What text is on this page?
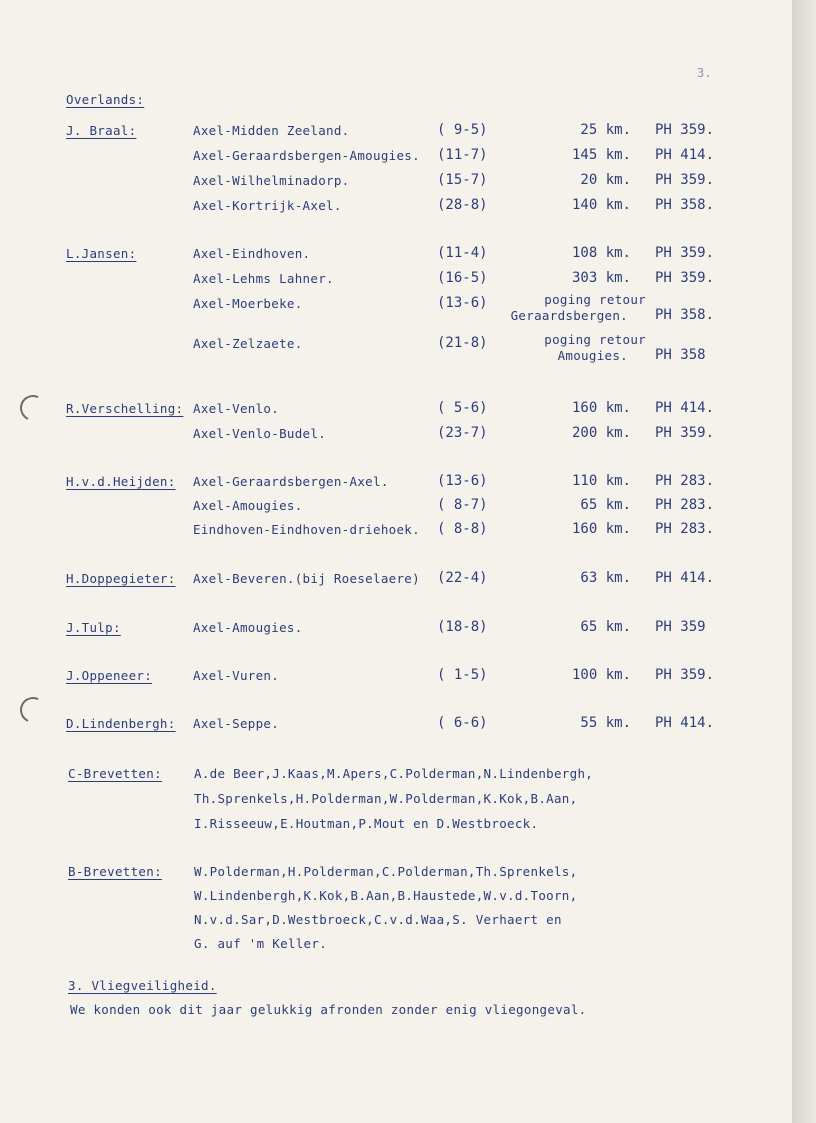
3.
Overlands:
J. Braal:	Axel-Midden Zeeland.	( 9-5)	25 km. PH 359.
Axel-Geraardsbergen-Amougies. (11-7)	145 km. PH 414.
Axel-Wilhelminadorp.	(15-7)	20 km. PH 359.
Axel-Kortrijk-Axel.	(28-8)	140 km. PH 358.
L.Jansen:	Axel-Eindhoven.	(11-4)	108 km. PH 359.
Axel-Lehms Lahner.	(16-5)	303 km. PH 359.
Axel-Moerbeke.	(13-6)	poging retour
Geraardsbergen. PH 358.
Axel-Zelzaete.	(21-8)	poging retour
Amougies. PH 358
R.Verschelling: Axel-Venlo.	( 5-6)	160 km. PH 414.
Axel-Venlo-Budel.	(23-7)	200 km. PH 359.
H.v.d.Heijden: Axel-Geraardsbergen-Axel.	(13-6)	110 km. PH 283.
Axel-Amougies.	( 8-7)	65 km. PH 283.
Eindhoven-Eindhoven-driehoek. ( 8-8)	160 km. PH 283.
H.Doppegieter: Axel-Beveren.(bij Roeselaere) (22-4)	63 km. PH 414.
J.Tulp:	Axel-Amougies.	(18-8)	65 km. PH 359
J.Oppeneer:	Axel-Vuren.	( 1-5)	100 km. PH 359.
D.Lindenbergh: Axel-Seppe.	( 6-6)	55 km. PH 414.
C-Brevetten:	A.de Beer,J.Kaas,M.Apers,C.Polderman,N.Lindenbergh,
Th.Sprenkels,H.Polderman,W.Polderman,K.Kok,B.Aan,
I.Risseeuw,E.Houtman,P.Mout en D.Westbroeck.
B-Brevetten:	W.Polderman,H.Polderman,C.Polderman,Th.Sprenkels,
W.Lindenbergh,K.Kok,B.Aan,B.Haustede,W.v.d.Toorn,
N.v.d.Sar,D.Westbroeck,C.v.d.Waa,S. Verhaert en
G. auf 'm Keller.
3. Vliegveiligheid.
We konden ook dit jaar gelukkig afronden zonder enig vliegongeval.
